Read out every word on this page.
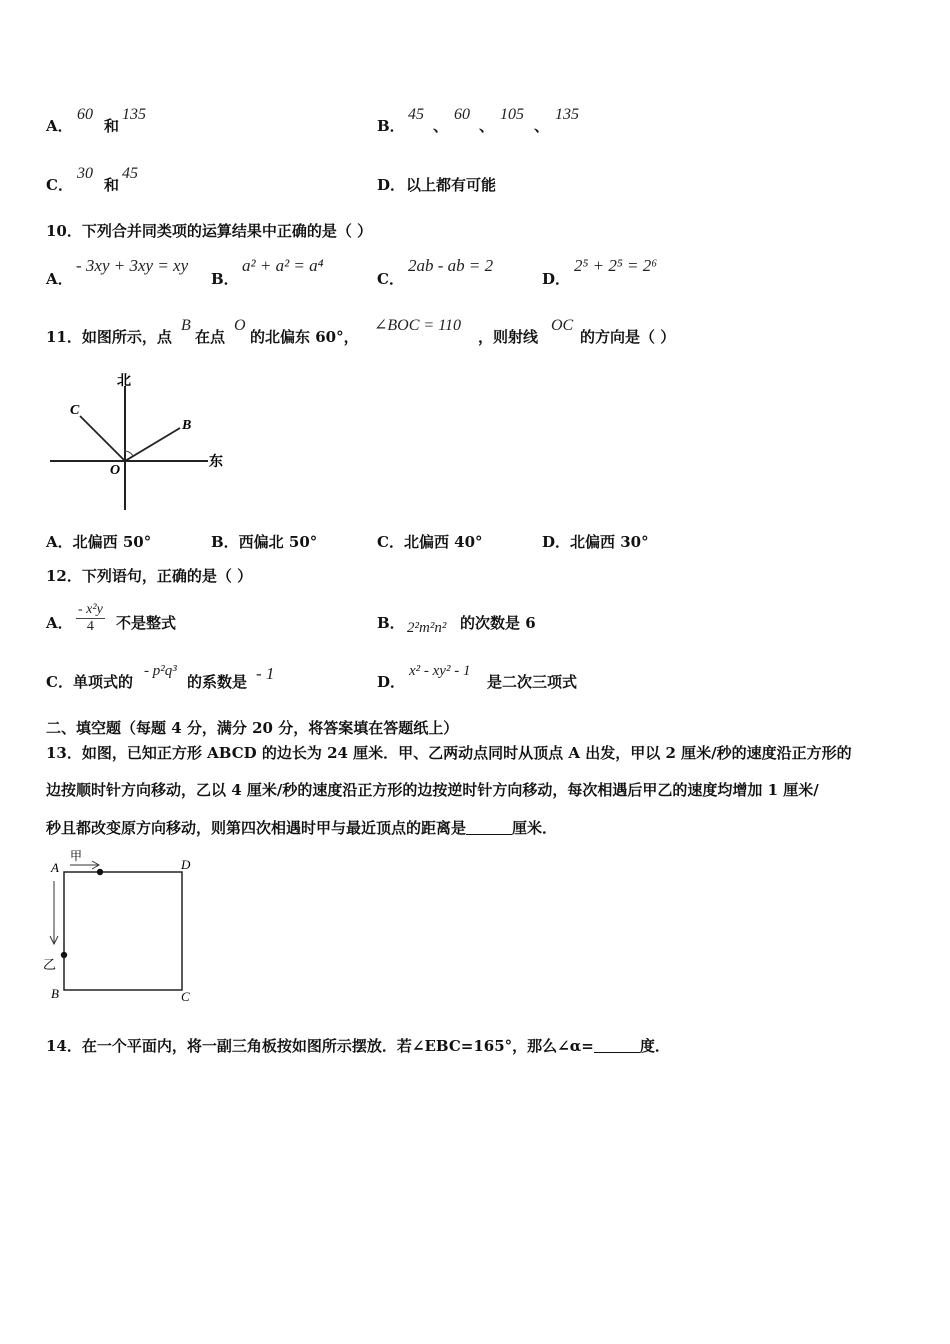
A．
60
和
135
B．
45
、
60
、
105
、
135
C．
30
和
45
D． 以上都有可能
10．下列合并同类项的运算结果中正确的是（ ）
A．
- 3xy + 3xy = xy
B．
a² + a² = a⁴
C．
2ab - ab = 2
D．
2⁵ + 2⁵ = 2⁶
11．如图所示，点
B
在点
O
的北偏东 60°，
∠BOC = 110
，则射线
OC
的方向是（ ）
北
东
C
B
O
A．北偏西 50°	B．西偏北 50°	C．北偏西 40°	D．北偏西 30°
12．下列语句，正确的是（ ）
A． $\frac{\text{- x²y}}{4}$ 不是整式	B． 2²m²n² 的次数是 6
C．单项式的
- p²q³
的系数是 - 1	D．
x² - xy² - 1
是二次三项式
二、填空题（每题 4 分，满分 20 分，将答案填在答题纸上）
13．如图，已知正方形 ABCD 的边长为 24 厘米．甲、乙两动点同时从顶点 A 出发，甲以 2 厘米/秒的速度沿正方形的
边按顺时针方向移动，乙以 4 厘米/秒的速度沿正方形的边按逆时针方向移动，每次相遇后甲乙的速度均增加 1 厘米/
秒且都改变原方向移动，则第四次相遇时甲与最近顶点的距离是	厘米．
A	D
B	C
甲
乙
14．在一个平面内，将一副三角板按如图所示摆放．若∠EBC=165°，那么∠α=	度．
